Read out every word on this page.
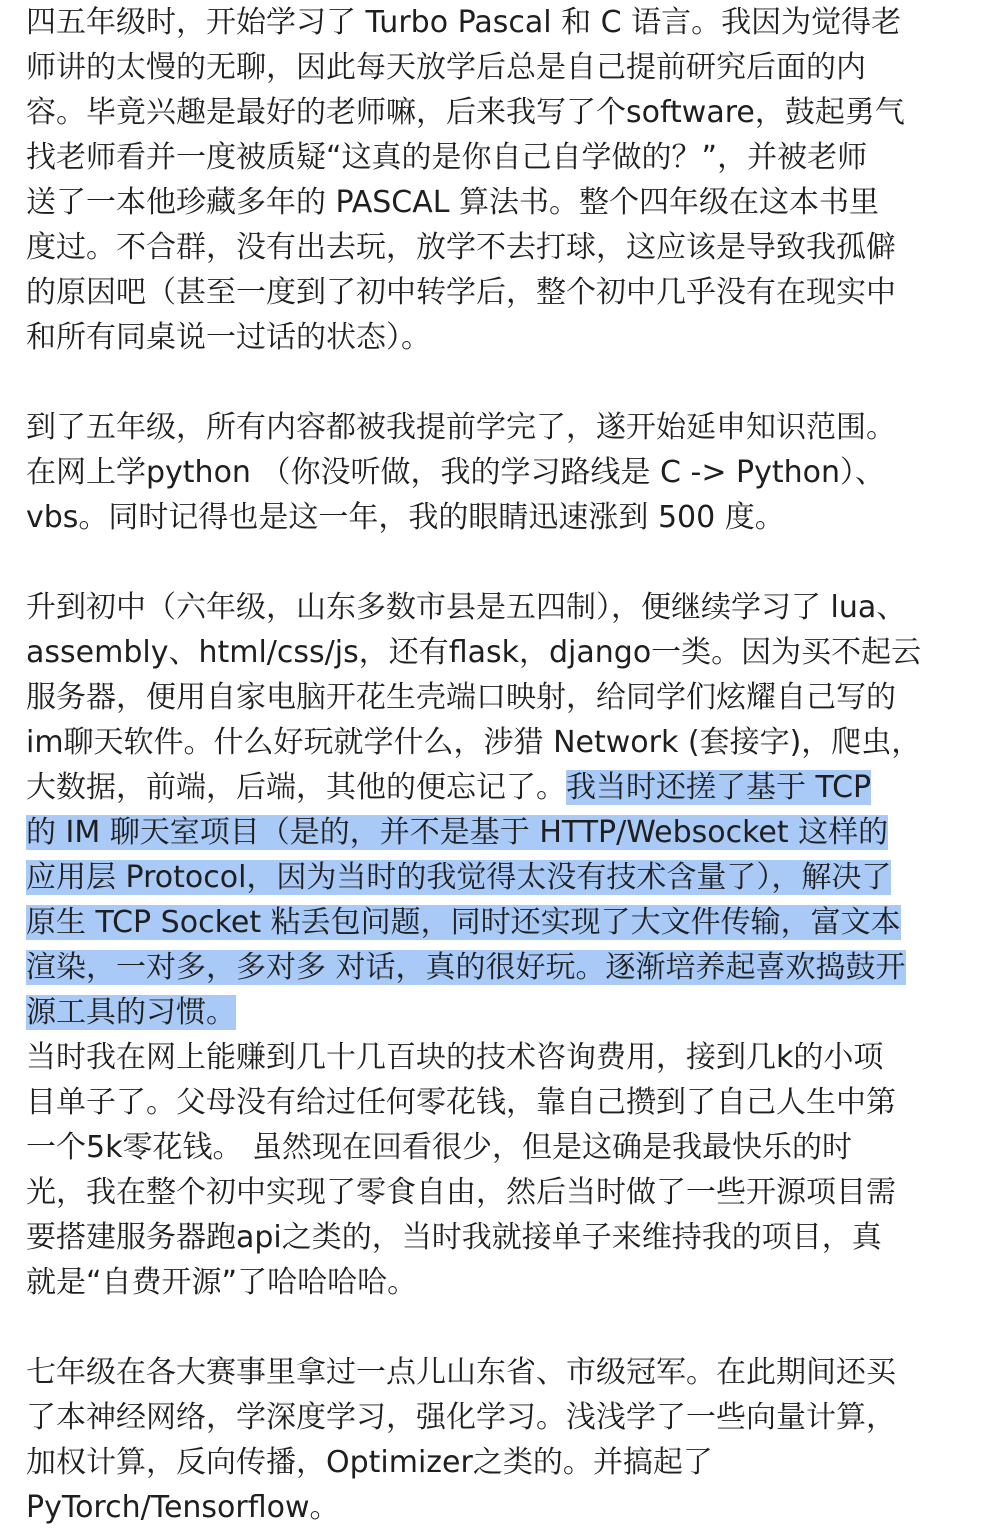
四五年级时，开始学习了 Turbo Pascal 和 C 语言。我因为觉得老
师讲的太慢的无聊，因此每天放学后总是自己提前研究后面的内
容。毕竟兴趣是最好的老师嘛，后来我写了个software，鼓起勇气
找老师看并一度被质疑“这真的是你自己自学做的？”，并被老师
送了一本他珍藏多年的 PASCAL 算法书。整个四年级在这本书里
度过。不合群，没有出去玩，放学不去打球，这应该是导致我孤僻
的原因吧（甚至一度到了初中转学后，整个初中几乎没有在现实中
和所有同桌说一过话的状态）。
到了五年级，所有内容都被我提前学完了，遂开始延申知识范围。
在网上学python （你没听做，我的学习路线是 C -> Python）、
vbs。同时记得也是这一年，我的眼睛迅速涨到 500 度。
升到初中（六年级，山东多数市县是五四制），便继续学习了 lua、
assembly、html/css/js，还有flask，django一类。因为买不起云
服务器，便用自家电脑开花生壳端口映射，给同学们炫耀自己写的
im聊天软件。什么好玩就学什么，涉猎 Network (套接字)，爬虫，
大数据，前端，后端，其他的便忘记了。我当时还搓了基于 TCP
的 IM 聊天室项目（是的，并不是基于 HTTP/Websocket 这样的
应用层 Protocol，因为当时的我觉得太没有技术含量了），解决了
原生 TCP Socket 粘丢包问题，同时还实现了大文件传输，富文本
渲染，一对多，多对多 对话，真的很好玩。逐渐培养起喜欢捣鼓开
源工具的习惯。
当时我在网上能赚到几十几百块的技术咨询费用，接到几k的小项
目单子了。父母没有给过任何零花钱，靠自己攒到了自己人生中第
一个5k零花钱。 虽然现在回看很少，但是这确是我最快乐的时
光，我在整个初中实现了零食自由，然后当时做了一些开源项目需
要搭建服务器跑api之类的，当时我就接单子来维持我的项目，真
就是“自费开源”了哈哈哈哈。
七年级在各大赛事里拿过一点儿山东省、市级冠军。在此期间还买
了本神经网络，学深度学习，强化学习。浅浅学了一些向量计算，
加权计算，反向传播，Optimizer之类的。并搞起了
PyTorch/Tensorflow。
